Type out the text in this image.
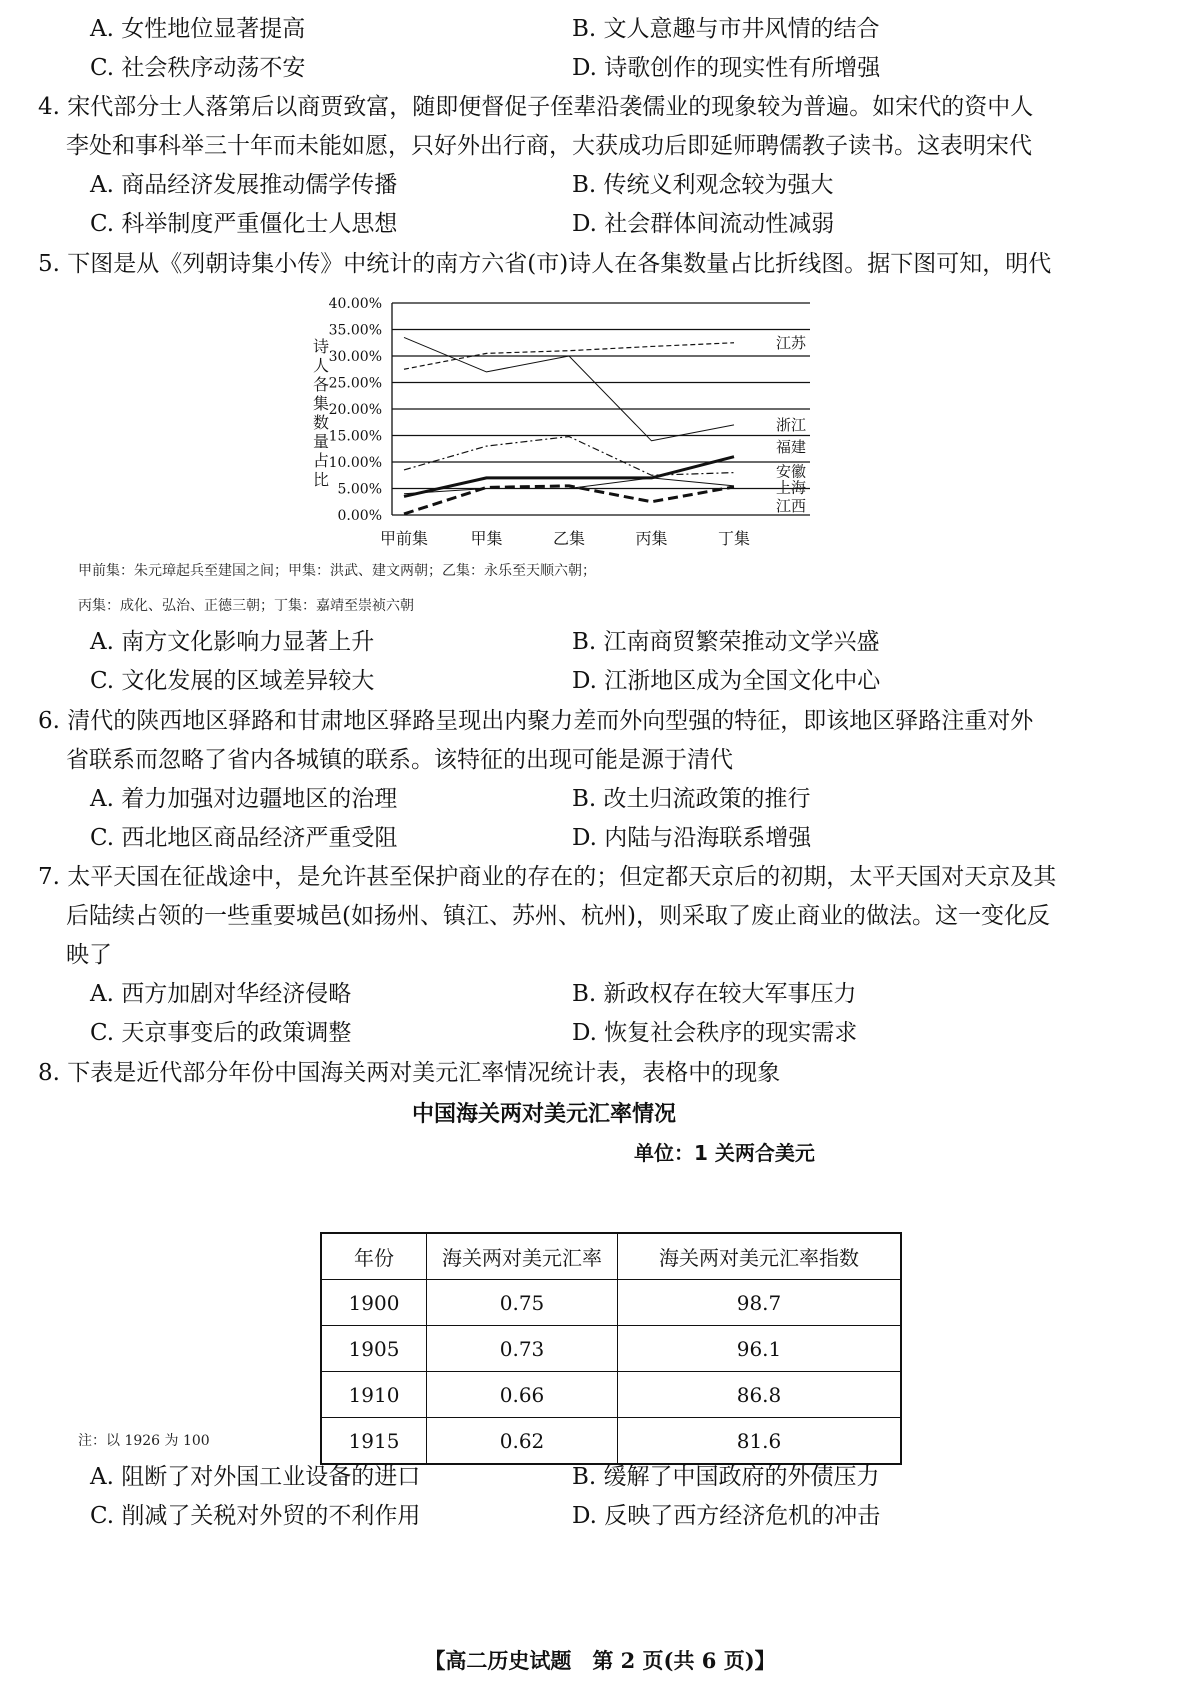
A. 女性地位显著提高	B. 文人意趣与市井风情的结合
C. 社会秩序动荡不安	D. 诗歌创作的现实性有所增强
4. 宋代部分士人落第后以商贾致富，随即便督促子侄辈沿袭儒业的现象较为普遍。如宋代的资中人
李处和事科举三十年而未能如愿，只好外出行商，大获成功后即延师聘儒教子读书。这表明宋代
A. 商品经济发展推动儒学传播	B. 传统义利观念较为强大
C. 科举制度严重僵化士人思想	D. 社会群体间流动性减弱
5. 下图是从《列朝诗集小传》中统计的南方六省(市)诗人在各集数量占比折线图。据下图可知，明代
40.00%
35.00%
30.00%
25.00%
20.00%
15.00%
10.00%
5.00%
0.00%
诗人各集数量占比
甲前集	甲集	乙集	丙集	丁集
江苏
浙江
福建
安徽
上海
江西
甲前集：朱元璋起兵至建国之间；甲集：洪武、建文两朝；乙集：永乐至天顺六朝；
丙集：成化、弘治、正德三朝；丁集：嘉靖至崇祯六朝
A. 南方文化影响力显著上升	B. 江南商贸繁荣推动文学兴盛
C. 文化发展的区域差异较大	D. 江浙地区成为全国文化中心
6. 清代的陕西地区驿路和甘肃地区驿路呈现出内聚力差而外向型强的特征，即该地区驿路注重对外
省联系而忽略了省内各城镇的联系。该特征的出现可能是源于清代
A. 着力加强对边疆地区的治理	B. 改土归流政策的推行
C. 西北地区商品经济严重受阻	D. 内陆与沿海联系增强
7. 太平天国在征战途中，是允许甚至保护商业的存在的；但定都天京后的初期，太平天国对天京及其
后陆续占领的一些重要城邑(如扬州、镇江、苏州、杭州)，则采取了废止商业的做法。这一变化反
映了
A. 西方加剧对华经济侵略	B. 新政权存在较大军事压力
C. 天京事变后的政策调整	D. 恢复社会秩序的现实需求
8. 下表是近代部分年份中国海关两对美元汇率情况统计表，表格中的现象
中国海关两对美元汇率情况
单位：1 关两合美元
年份	海关两对美元汇率	海关两对美元汇率指数
1900	0.75	98.7
1905	0.73	96.1
1910	0.66	86.8
1915	0.62	81.6
注：以 1926 为 100
A. 阻断了对外国工业设备的进口	B. 缓解了中国政府的外债压力
C. 削减了关税对外贸的不利作用	D. 反映了西方经济危机的冲击
【高二历史试题　第 2 页(共 6 页)】
